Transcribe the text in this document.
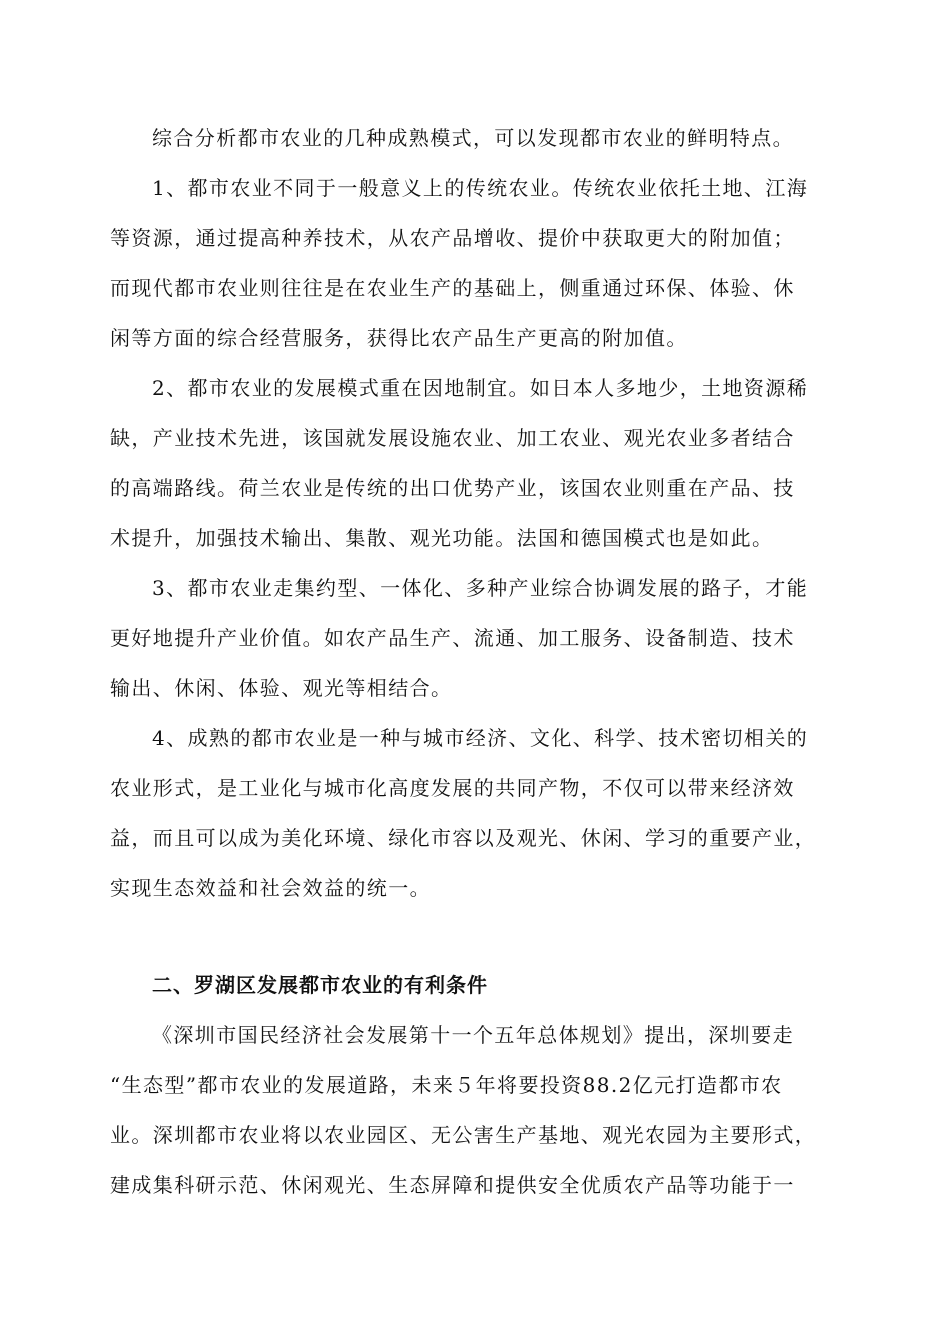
综合分析都市农业的几种成熟模式，可以发现都市农业的鲜明特点。
1、都市农业不同于一般意义上的传统农业。传统农业依托土地、江海
等资源，通过提高种养技术，从农产品增收、提价中获取更大的附加值；
而现代都市农业则往往是在农业生产的基础上，侧重通过环保、体验、休
闲等方面的综合经营服务，获得比农产品生产更高的附加值。
2、都市农业的发展模式重在因地制宜。如日本人多地少，土地资源稀
缺，产业技术先进，该国就发展设施农业、加工农业、观光农业多者结合
的高端路线。荷兰农业是传统的出口优势产业，该国农业则重在产品、技
术提升，加强技术输出、集散、观光功能。法国和德国模式也是如此。
3、都市农业走集约型、一体化、多种产业综合协调发展的路子，才能
更好地提升产业价值。如农产品生产、流通、加工服务、设备制造、技术
输出、休闲、体验、观光等相结合。
4、成熟的都市农业是一种与城市经济、文化、科学、技术密切相关的
农业形式，是工业化与城市化高度发展的共同产物，不仅可以带来经济效
益，而且可以成为美化环境、绿化市容以及观光、休闲、学习的重要产业，
实现生态效益和社会效益的统一。
二、罗湖区发展都市农业的有利条件
《深圳市国民经济社会发展第十一个五年总体规划》提出，深圳要走
“生态型”都市农业的发展道路，未来５年将要投资88.2亿元打造都市农
业。深圳都市农业将以农业园区、无公害生产基地、观光农园为主要形式，
建成集科研示范、休闲观光、生态屏障和提供安全优质农产品等功能于一
